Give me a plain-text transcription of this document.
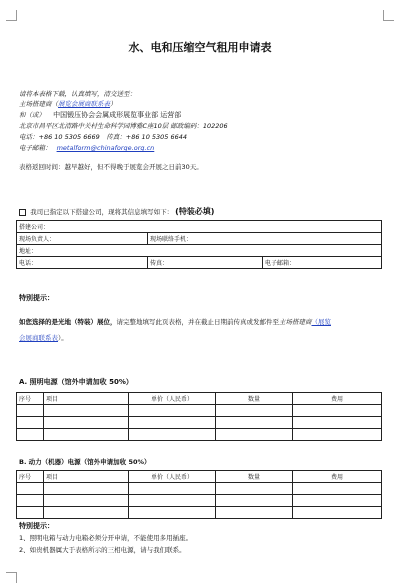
水、电和压缩空气租用申请表
请将本表格下载，认真填写，清交送至：
主场搭建商（展览会展商联系表）
和（或） 中国锻压协会会属成形展览事业部 运营部
北京市昌平区北清路中关村生命科学园博雅C座10层 邮政编码：102206
电话：+86 10 5305 6669　传真：+86 10 5305 6644
电子邮箱： metalform@chinaforge.org.cn
表格返回时间：越早越好，但不得晚于展览会开展之日前30天。
我司已指定以下搭建公司，现将其信息填写如下： (特装必填)
搭建公司：		
现场负责人：	现场联络手机：	
地址：		
电话：	传真：	电子邮箱：
特别提示：
如您选择的是光地（特装）展位，请完整地填写此页表格，并在截止日期前传真或发邮件至主场搭建商（展览
会展商联系表）。
A. 照明电源（馆外申请加收 50%）
序号	项目	单价（人民币）	数量	费用

B. 动力（机器）电源（馆外申请加收 50%）
序号	项目	单价（人民币）	数量	费用

特别提示：
1、照明电箱与动力电箱必须分开申请，不能使用多用插座。
2、如贵机器属大于表格所示的三相电源，请与我们联系。
